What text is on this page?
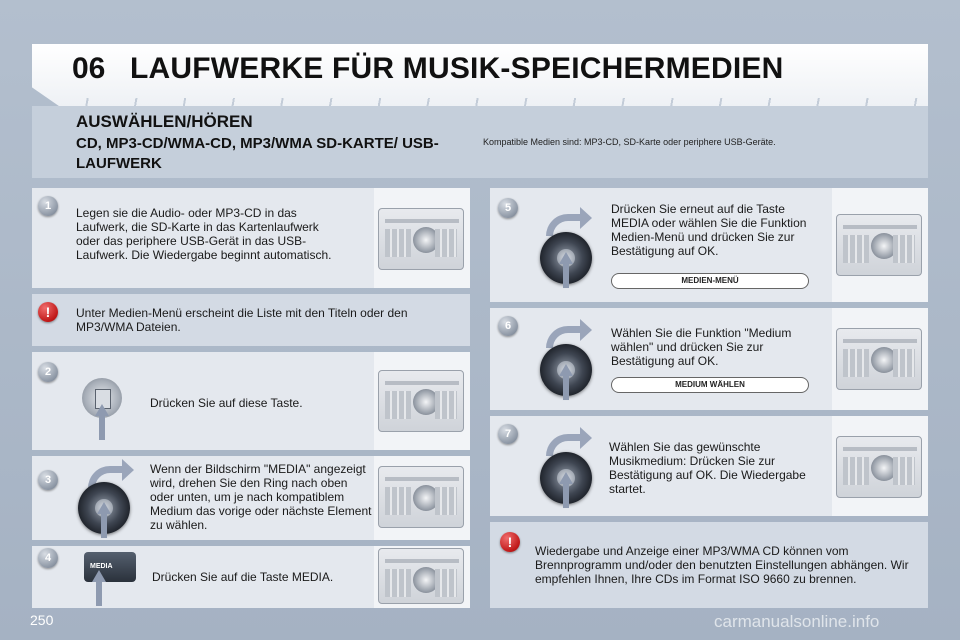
06 LAUFWERKE FÜR MUSIK-SPEICHERMEDIEN
AUSWÄHLEN/HÖREN
CD, MP3-CD/WMA-CD, MP3/WMA SD-KARTE/ USB-LAUFWERK
Kompatible Medien sind: MP3-CD, SD-Karte oder periphere USB-Geräte.
1	Legen sie die Audio- oder MP3-CD in das Laufwerk, die SD-Karte in das Kartenlaufwerk oder das periphere USB-Gerät in das USB-Laufwerk. Die Wiedergabe beginnt automatisch.
!	Unter Medien-Menü erscheint die Liste mit den Titeln oder den MP3/WMA Dateien.
2
Drücken Sie auf diese Taste.
3
Wenn der Bildschirm "MEDIA" angezeigt wird, drehen Sie den Ring nach oben oder unten, um je nach kompatiblem Medium das vorige oder nächste Element zu wählen.
MEDIA
4
Drücken Sie auf die Taste MEDIA.
5	Drücken Sie erneut auf die Taste MEDIA oder wählen Sie die Funktion Medien-Menü und drücken Sie zur Bestätigung auf OK.
MEDIEN-MENÜ
6	Wählen Sie die Funktion "Medium wählen" und drücken Sie zur Bestätigung auf OK.
MEDIUM WÄHLEN
7
Wählen Sie das gewünschte Musikmedium: Drücken Sie zur Bestätigung auf OK. Die Wiedergabe startet.
!
Wiedergabe und Anzeige einer MP3/WMA CD können vom Brennprogramm und/oder den benutzten Einstellungen abhängen. Wir empfehlen Ihnen, Ihre CDs im Format ISO 9660 zu brennen.
250	carmanualsonline.info
